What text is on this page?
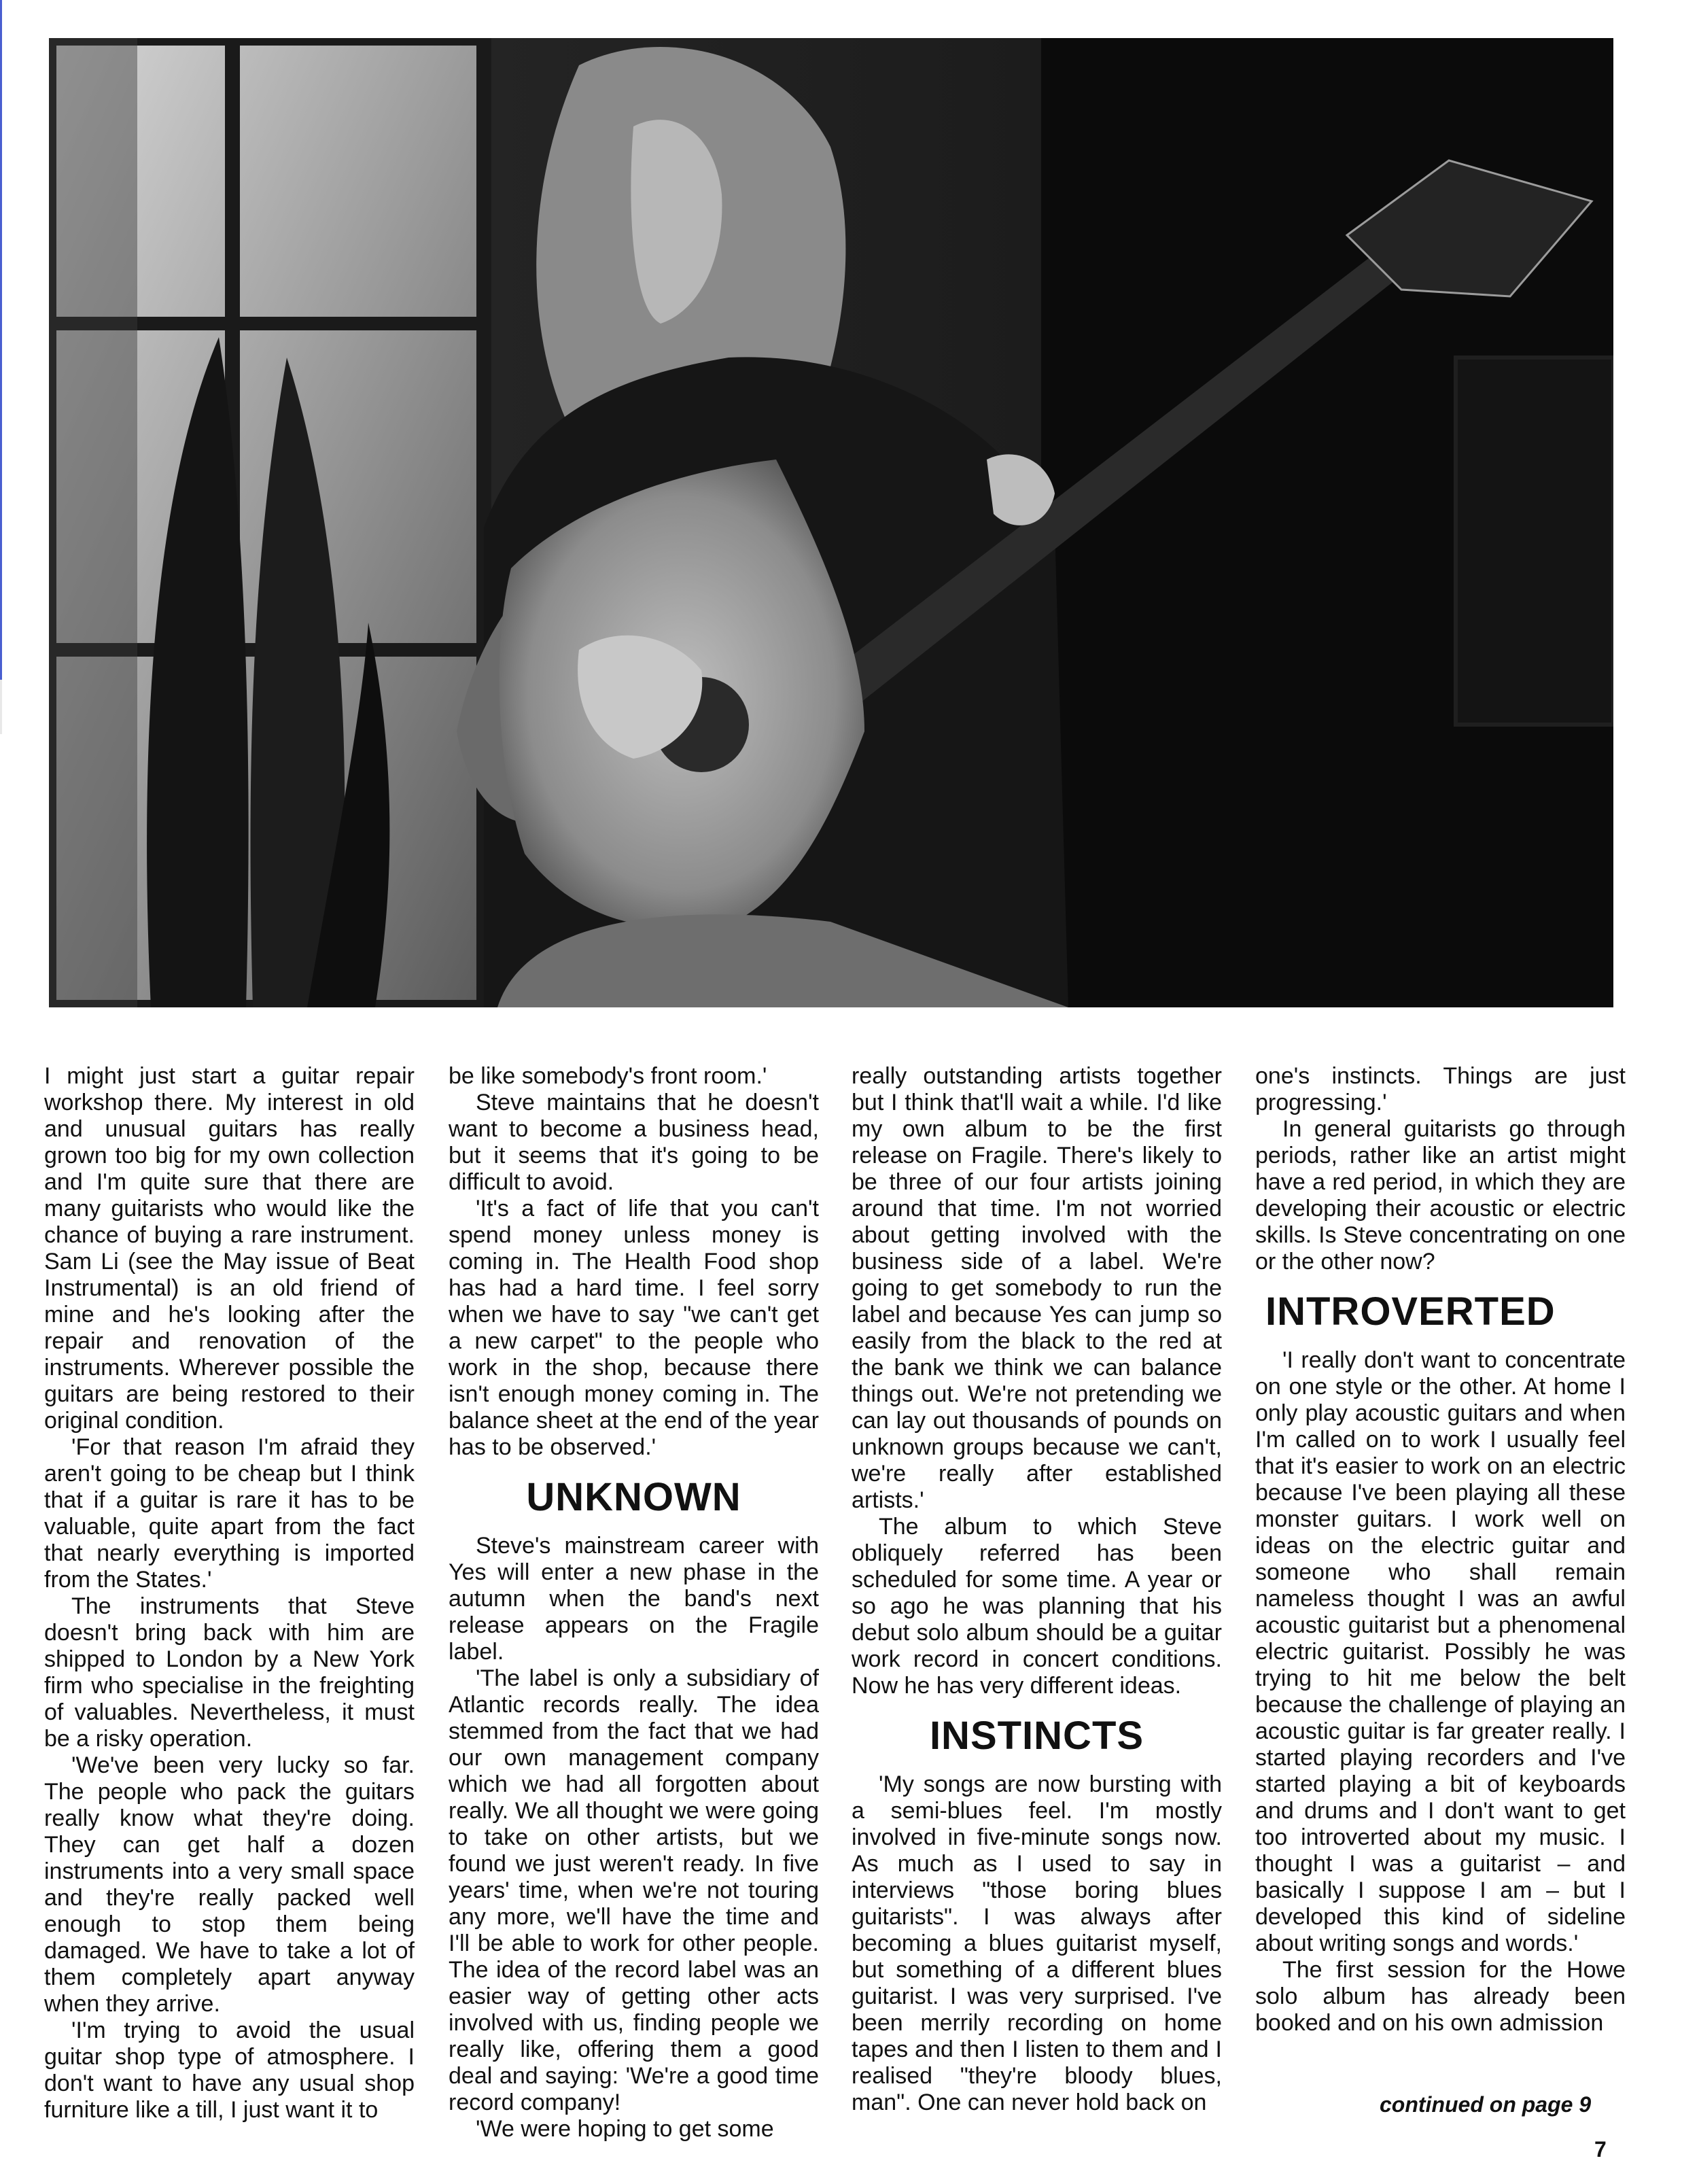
I might just start a guitar repair workshop there. My interest in old and unusual guitars has really grown too big for my own collection and I'm quite sure that there are many guitarists who would like the chance of buying a rare instrument. Sam Li (see the May issue of Beat Instrumental) is an old friend of mine and he's looking after the repair and renovation of the instruments. Wherever possible the guitars are being restored to their original condition.

'For that reason I'm afraid they aren't going to be cheap but I think that if a guitar is rare it has to be valuable, quite apart from the fact that nearly everything is imported from the States.'

The instruments that Steve doesn't bring back with him are shipped to London by a New York firm who specialise in the freighting of valuables. Nevertheless, it must be a risky operation.

'We've been very lucky so far. The people who pack the guitars really know what they're doing. They can get half a dozen instruments into a very small space and they're really packed well enough to stop them being damaged. We have to take a lot of them completely apart anyway when they arrive.

'I'm trying to avoid the usual guitar shop type of atmosphere. I don't want to have any usual shop furniture like a till, I just want it to

be like somebody's front room.'

Steve maintains that he doesn't want to become a business head, but it seems that it's going to be difficult to avoid.

'It's a fact of life that you can't spend money unless money is coming in. The Health Food shop has had a hard time. I feel sorry when we have to say "we can't get a new carpet" to the people who work in the shop, because there isn't enough money coming in. The balance sheet at the end of the year has to be observed.'

UNKNOWN

Steve's mainstream career with Yes will enter a new phase in the autumn when the band's next release appears on the Fragile label.

'The label is only a subsidiary of Atlantic records really. The idea stemmed from the fact that we had our own management company which we had all forgotten about really. We all thought we were going to take on other artists, but we found we just weren't ready. In five years' time, when we're not touring any more, we'll have the time and I'll be able to work for other people. The idea of the record label was an easier way of getting other acts involved with us, finding people we really like, offering them a good deal and saying: 'We're a good time record company!

'We were hoping to get some

really outstanding artists together but I think that'll wait a while. I'd like my own album to be the first release on Fragile. There's likely to be three of our four artists joining around that time. I'm not worried about getting involved with the business side of a label. We're going to get somebody to run the label and because Yes can jump so easily from the black to the red at the bank we think we can balance things out. We're not pretending we can lay out thousands of pounds on unknown groups because we can't, we're really after established artists.'

The album to which Steve obliquely referred has been scheduled for some time. A year or so ago he was planning that his debut solo album should be a guitar work record in concert conditions. Now he has very different ideas.

INSTINCTS

'My songs are now bursting with a semi-blues feel. I'm mostly involved in five-minute songs now. As much as I used to say in interviews "those boring blues guitarists". I was always after becoming a blues guitarist myself, but something of a different blues guitarist. I was very surprised. I've been merrily recording on home tapes and then I listen to them and I realised "they're bloody blues, man". One can never hold back on

one's instincts. Things are just progressing.'

In general guitarists go through periods, rather like an artist might have a red period, in which they are developing their acoustic or electric skills. Is Steve concentrating on one or the other now?

INTROVERTED

'I really don't want to concentrate on one style or the other. At home I only play acoustic guitars and when I'm called on to work I usually feel that it's easier to work on an electric because I've been playing all these monster guitars. I work well on ideas on the electric guitar and someone who shall remain nameless thought I was an awful acoustic guitarist but a phenomenal electric guitarist. Possibly he was trying to hit me below the belt because the challenge of playing an acoustic guitar is far greater really. I started playing recorders and I've started playing a bit of keyboards and drums and I don't want to get too introverted about my music. I thought I was a guitarist – and basically I suppose I am – but I developed this kind of sideline about writing songs and words.'

The first session for the Howe solo album has already been booked and on his own admission

continued on page 9
7
